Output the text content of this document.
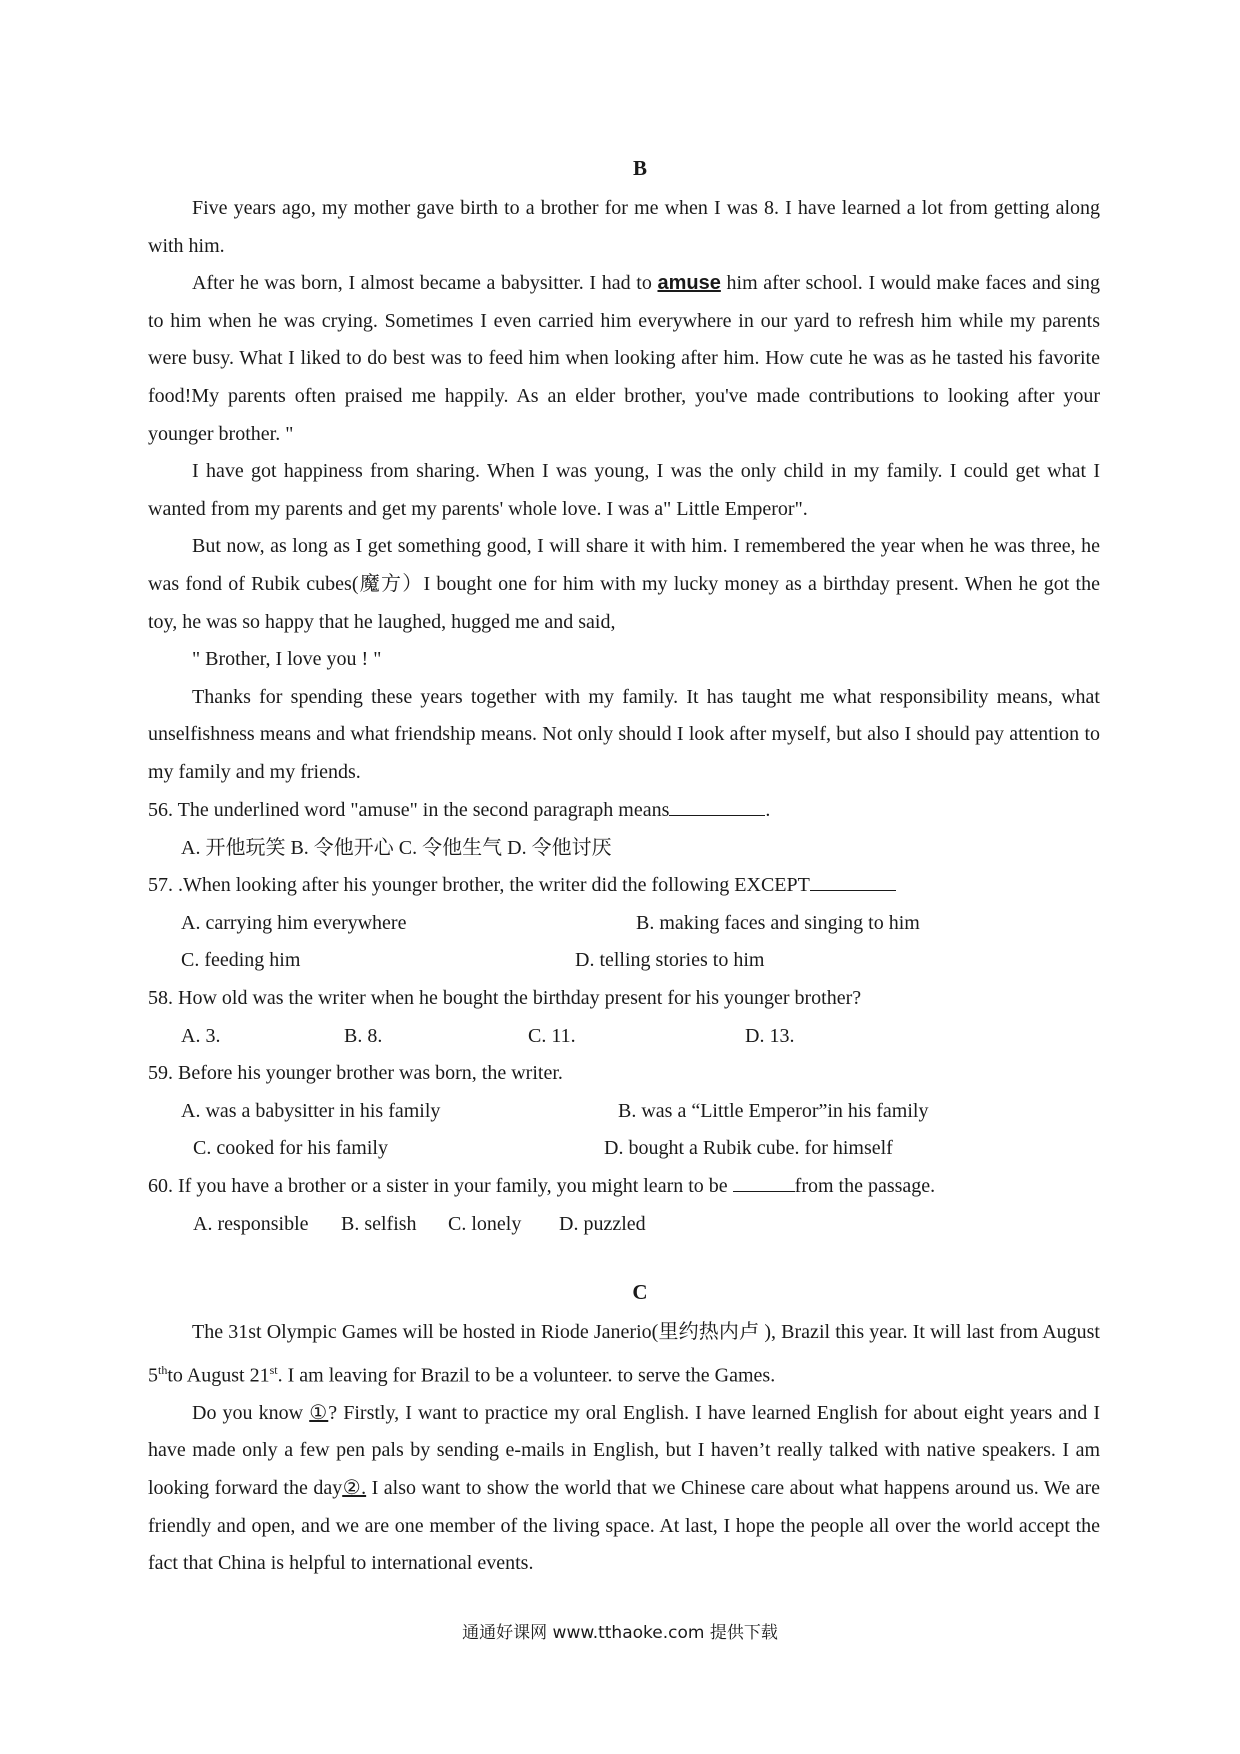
B

Five years ago, my mother gave birth to a brother for me when I was 8. I have learned a lot from getting along with him.

After he was born, I almost became a babysitter. I had to amuse him after school. I would make faces and sing to him when he was crying. Sometimes I even carried him everywhere in our yard to refresh him while my parents were busy. What I liked to do best was to feed him when looking after him. How cute he was as he tasted his favorite food!My parents often praised me happily. As an elder brother, you've made contributions to looking after your younger brother. "

I have got happiness from sharing. When I was young, I was the only child in my family. I could get what I wanted from my parents and get my parents' whole love. I was a" Little Emperor".

But now, as long as I get something good, I will share it with him. I remembered the year when he was three, he was fond of Rubik cubes(魔方）I bought one for him with my lucky money as a birthday present. When he got the toy, he was so happy that he laughed, hugged me and said,

" Brother, I love you ! "

Thanks for spending these years together with my family. It has taught me what responsibility means, what unselfishness means and what friendship means. Not only should I look after myself, but also I should pay attention to my family and my friends.

56. The underlined word "amuse" in the second paragraph means	.

A. 开他玩笑 B. 令他开心 C. 令他生气 D. 令他讨厌

57. .When looking after his younger brother, the writer did the following EXCEPT

A. carrying him everywhere	B. making faces and singing to him
C. feeding him	D. telling stories to him

58. How old was the writer when he bought the birthday present for his younger brother?

A. 3.	B. 8.	C. 11.	D. 13.

59. Before his younger brother was born, the writer.

A. was a babysitter in his family	B. was a “Little Emperor”in his family
C. cooked for his family	D. bought a Rubik cube. for himself

60. If you have a brother or a sister in your family, you might learn to be	from the passage.

A. responsible B. selfish C. lonely D. puzzled
C

The 31st Olympic Games will be hosted in Riode Janerio(里约热内卢 ), Brazil this year. It will last from August 5thto August 21st. I am leaving for Brazil to be a volunteer. to serve the Games.

Do you know ①? Firstly, I want to practice my oral English. I have learned English for about eight years and I have made only a few pen pals by sending e-mails in English, but I haven’t really talked with native speakers. I am looking forward the day②. I also want to show the world that we Chinese care about what happens around us. We are friendly and open, and we are one member of the living space. At last, I hope the people all over the world accept the fact that China is helpful to international events.

通通好课网 www.tthaoke.com 提供下载
